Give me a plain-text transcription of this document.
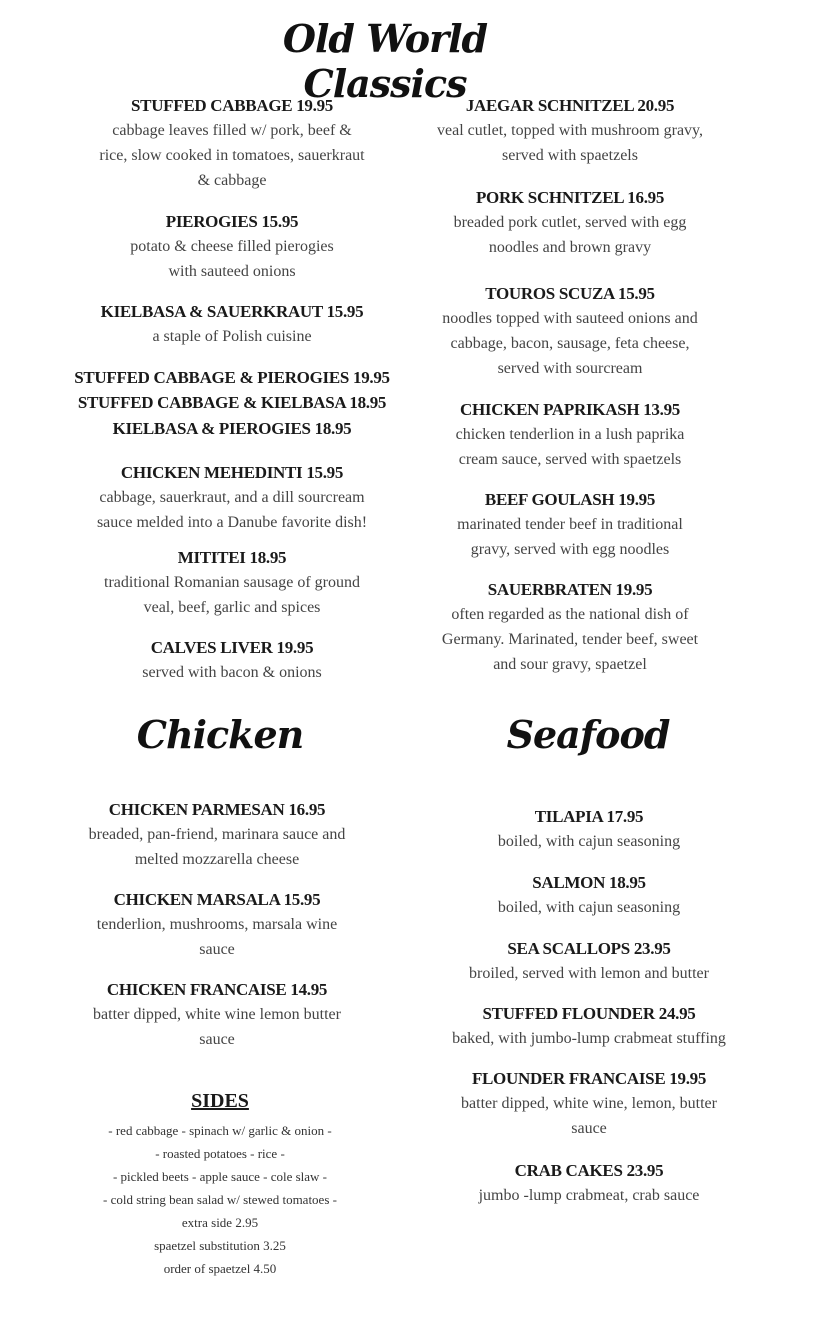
Old World Classics
Chicken	Seafood
STUFFED CABBAGE 19.95
cabbage leaves filled w/ pork, beef &
rice, slow cooked in tomatoes, sauerkraut
& cabbage
PIEROGIES 15.95
potato & cheese filled pierogies
with sauteed onions
KIELBASA & SAUERKRAUT 15.95
a staple of Polish cuisine
STUFFED CABBAGE & PIEROGIES 19.95
STUFFED CABBAGE & KIELBASA 18.95
KIELBASA & PIEROGIES 18.95
CHICKEN MEHEDINTI 15.95
cabbage, sauerkraut, and a dill sourcream
sauce melded into a Danube favorite dish!
MITITEI 18.95
traditional Romanian sausage of ground
veal, beef, garlic and spices
CALVES LIVER 19.95
served with bacon & onions
JAEGAR SCHNITZEL 20.95
veal cutlet, topped with mushroom gravy,
served with spaetzels
PORK SCHNITZEL 16.95
breaded pork cutlet, served with egg
noodles and brown gravy
TOUROS SCUZA 15.95
noodles topped with sauteed onions and
cabbage, bacon, sausage, feta cheese,
served with sourcream
CHICKEN PAPRIKASH 13.95
chicken tenderlion in a lush paprika
cream sauce, served with spaetzels
BEEF GOULASH 19.95
marinated tender beef in traditional
gravy, served with egg noodles
SAUERBRATEN 19.95
often regarded as the national dish of
Germany. Marinated, tender beef, sweet
and sour gravy, spaetzel
CHICKEN PARMESAN 16.95
breaded, pan-friend, marinara sauce and
melted mozzarella cheese
CHICKEN MARSALA 15.95
tenderlion, mushrooms, marsala wine
sauce
CHICKEN FRANCAISE 14.95
batter dipped, white wine lemon butter
sauce
TILAPIA 17.95
boiled, with cajun seasoning
SALMON 18.95
boiled, with cajun seasoning
SEA SCALLOPS 23.95
broiled, served with lemon and butter
STUFFED FLOUNDER 24.95
baked, with jumbo-lump crabmeat stuffing
FLOUNDER FRANCAISE 19.95
batter dipped, white wine, lemon, butter
sauce
CRAB CAKES 23.95
jumbo -lump crabmeat, crab sauce
SIDES
- red cabbage - spinach w/ garlic & onion -
- roasted potatoes - rice -
- pickled beets - apple sauce - cole slaw -
- cold string bean salad w/ stewed tomatoes -
extra side 2.95
spaetzel substitution 3.25
order of spaetzel 4.50
